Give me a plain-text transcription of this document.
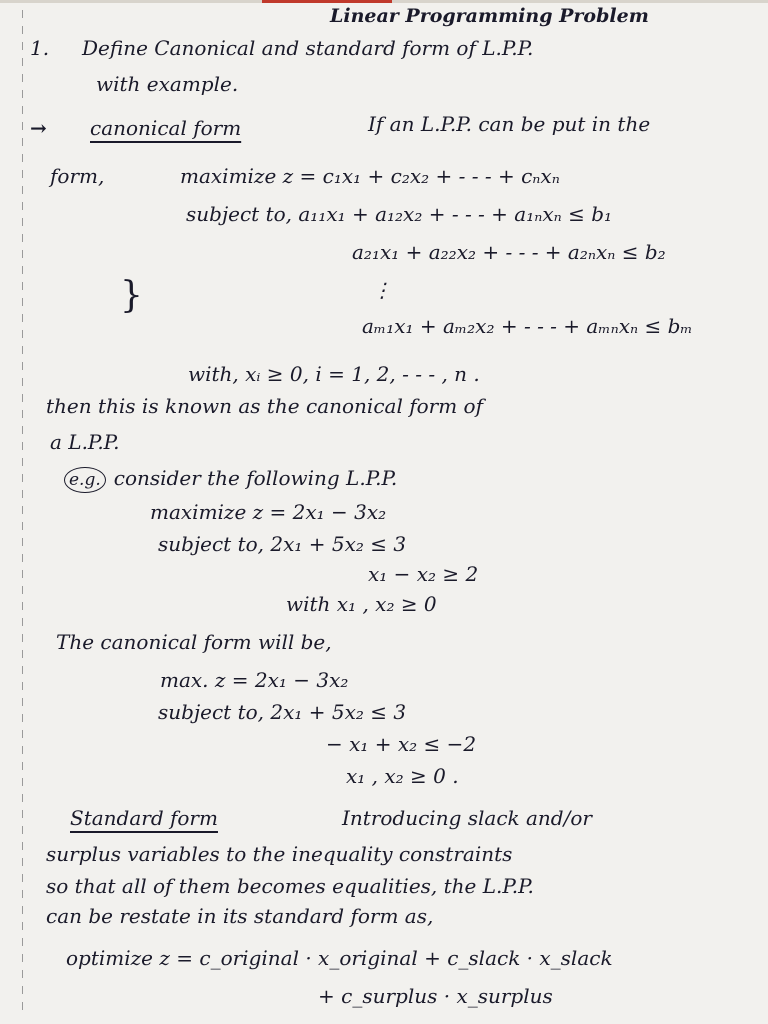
Linear Programming Problem
1. Define Canonical and standard form of L.P.P.
with example.
→ canonical form	If an L.P.P. can be put in the
form,	maximize z = c₁x₁ + c₂x₂ + - - - + cₙxₙ
subject to, a₁₁x₁ + a₁₂x₂ + - - - + a₁ₙxₙ ≤ b₁
a₂₁x₁ + a₂₂x₂ + - - - + a₂ₙxₙ ≤ b₂
}	⋮
aₘ₁x₁ + aₘ₂x₂ + - - - + aₘₙxₙ ≤ bₘ
with, xᵢ ≥ 0, i = 1, 2, - - - , n .
then this is known as the canonical form of
a L.P.P.
e.g. consider the following L.P.P.
maximize z = 2x₁ − 3x₂
subject to, 2x₁ + 5x₂ ≤ 3
x₁ − x₂ ≥ 2
with x₁ , x₂ ≥ 0
The canonical form will be,
max. z = 2x₁ − 3x₂
subject to, 2x₁ + 5x₂ ≤ 3
− x₁ + x₂ ≤ −2
x₁ , x₂ ≥ 0 .
Standard form	Introducing slack and/or
surplus variables to the inequality constraints
so that all of them becomes equalities, the L.P.P.
can be restate in its standard form as,
optimize z = c_original · x_original + c_slack · x_slack
+ c_surplus · x_surplus
